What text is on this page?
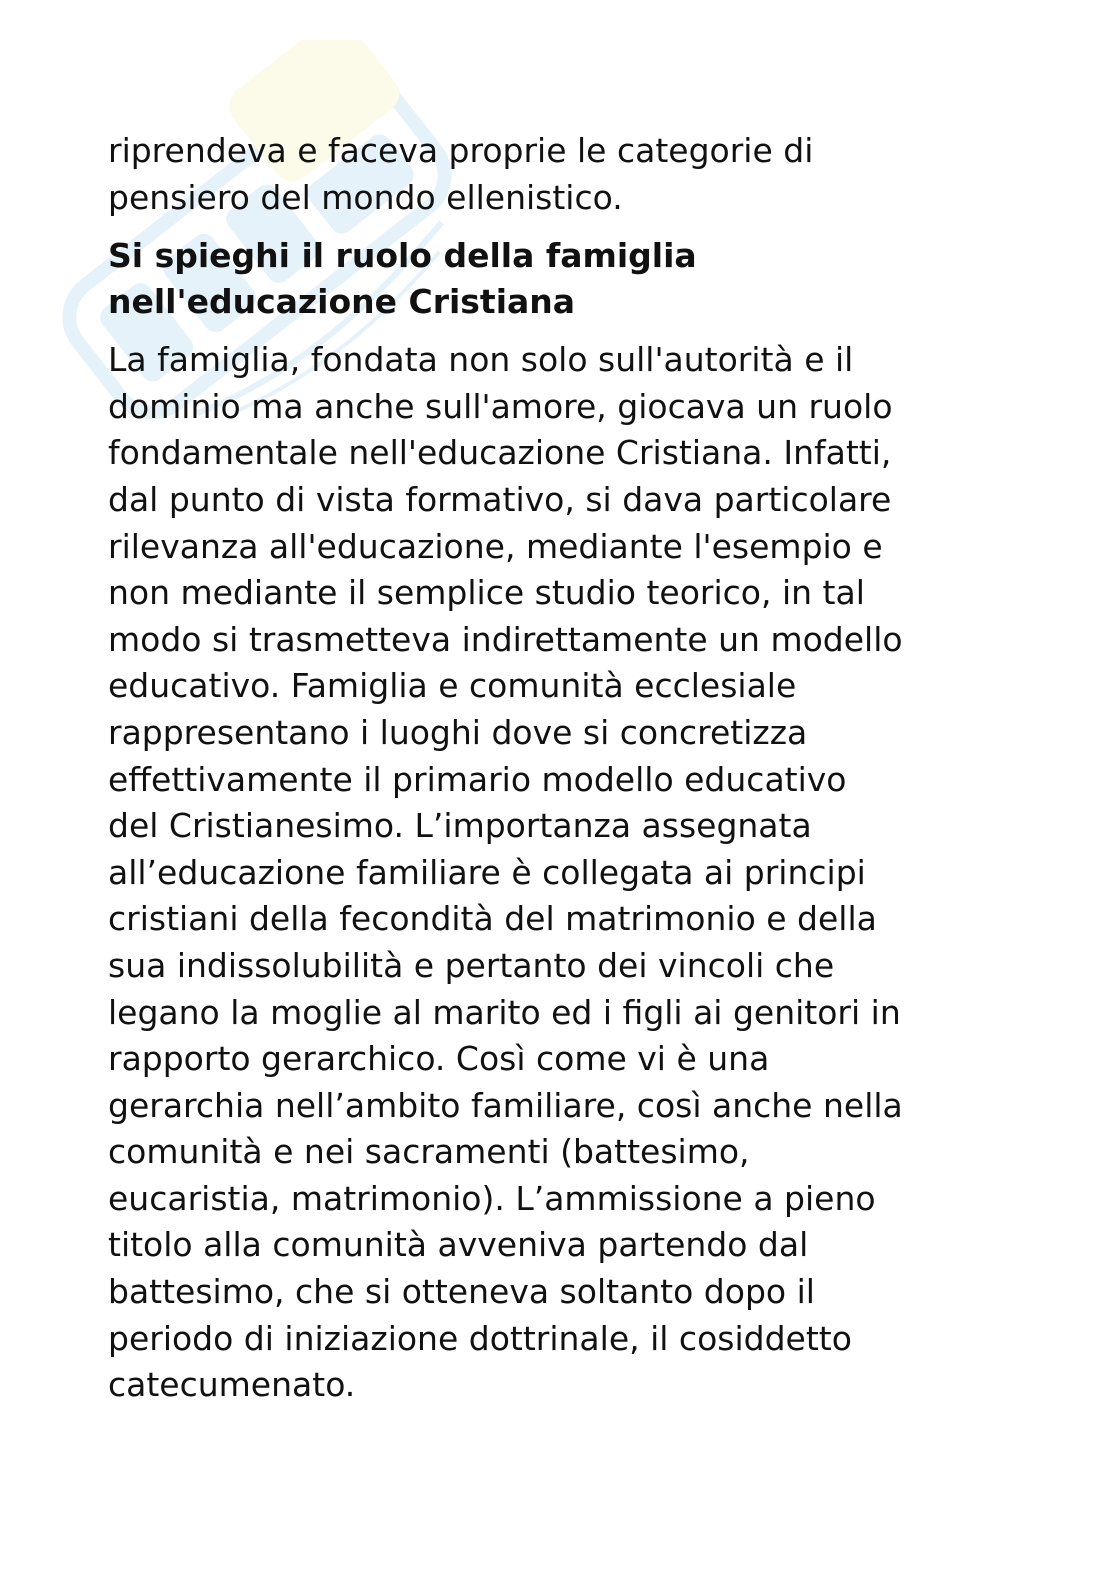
riprendeva e faceva proprie le categorie di
pensiero del mondo ellenistico.

Si spieghi il ruolo della famiglia
nell'educazione Cristiana

La famiglia, fondata non solo sull'autorità e il
dominio ma anche sull'amore, giocava un ruolo
fondamentale nell'educazione Cristiana. Infatti,
dal punto di vista formativo, si dava particolare
rilevanza all'educazione, mediante l'esempio e
non mediante il semplice studio teorico, in tal
modo si trasmetteva indirettamente un modello
educativo. Famiglia e comunità ecclesiale
rappresentano i luoghi dove si concretizza
effettivamente il primario modello educativo
del Cristianesimo. L’importanza assegnata
all’educazione familiare è collegata ai principi
cristiani della fecondità del matrimonio e della
sua indissolubilità e pertanto dei vincoli che
legano la moglie al marito ed i figli ai genitori in
rapporto gerarchico. Così come vi è una
gerarchia nell’ambito familiare, così anche nella
comunità e nei sacramenti (battesimo,
eucaristia, matrimonio). L’ammissione a pieno
titolo alla comunità avveniva partendo dal
battesimo, che si otteneva soltanto dopo il
periodo di iniziazione dottrinale, il cosiddetto
catecumenato.
